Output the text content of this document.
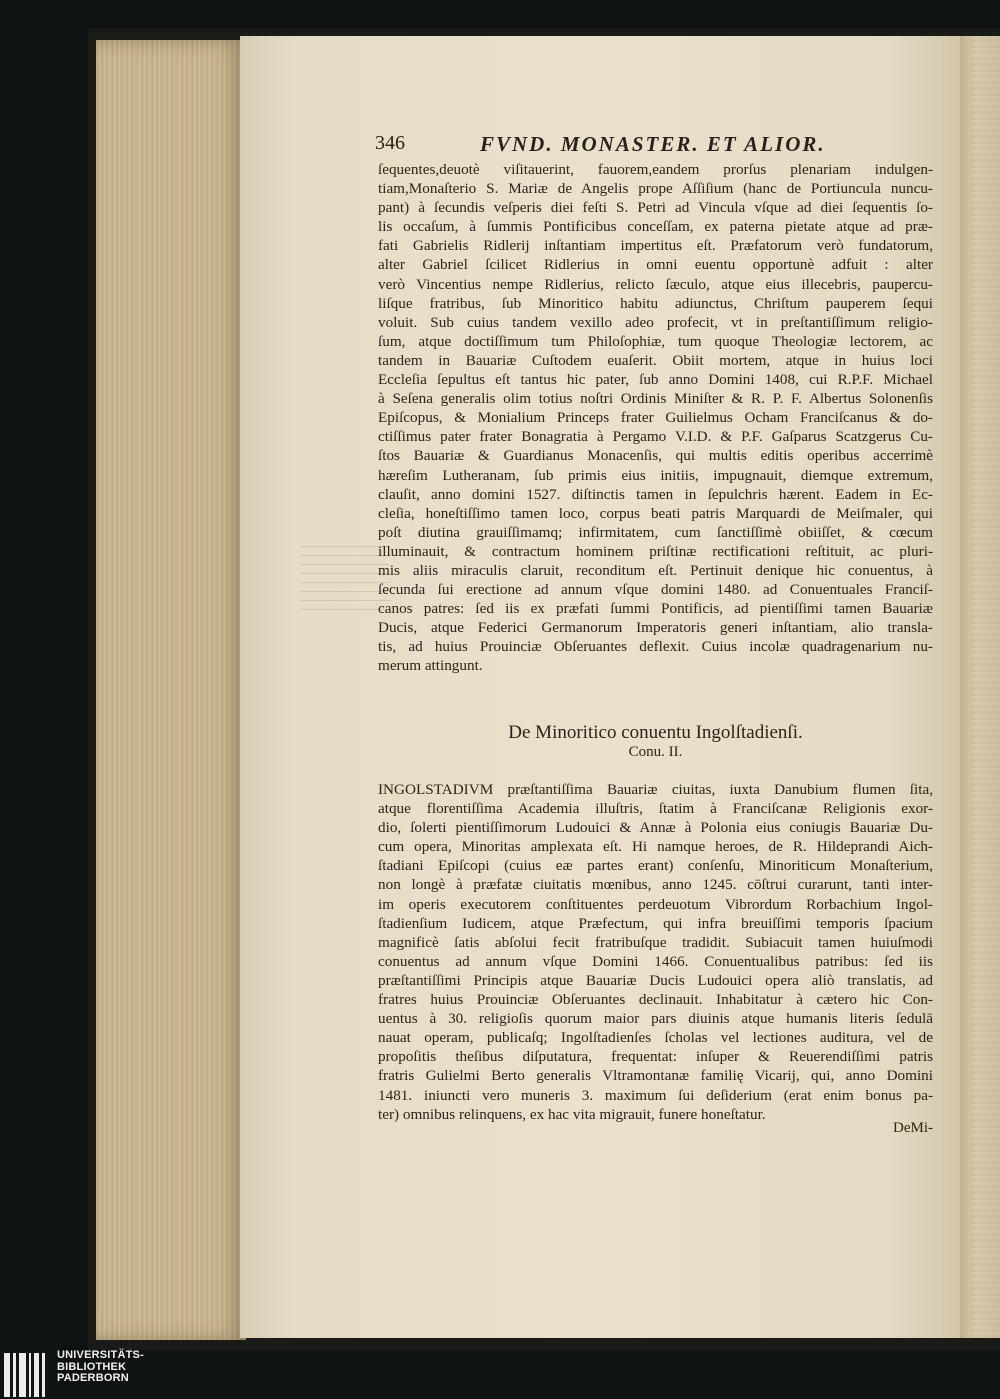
346	FVND. MONASTER. ET ALIOR.
ſequentes,deuotè viſitauerint, fauorem,eandem prorſus plenariam indulgen-
tiam,Monaſterio S. Mariæ de Angelis prope Aſſiſium (hanc de Portiuncula nuncu-
pant) à ſecundis veſperis diei feſti S. Petri ad Vincula vſque ad diei ſequentis ſo-
lis occaſum, à ſummis Pontificibus conceſſam, ex paterna pietate atque ad præ-
fati Gabrielis Ridlerij inſtantiam impertitus eſt. Præfatorum verò fundatorum,
alter Gabriel ſcilicet Ridlerius in omni euentu opportunè adfuit : alter
verò Vincentius nempe Ridlerius, relicto ſæculo, atque eius illecebris, paupercu-
liſque fratribus, ſub Minoritico habitu adiunctus, Chriſtum pauperem ſequi
voluit. Sub cuius tandem vexillo adeo profecit, vt in preſtantiſſimum religio-
ſum, atque doctiſſimum tum Philoſophiæ, tum quoque Theologiæ lectorem, ac
tandem in Bauariæ Cuſtodem euaſerit. Obiit mortem, atque in huius loci
Eccleſia ſepultus eſt tantus hic pater, ſub anno Domini 1408, cui R.P.F. Michael
à Seſena generalis olim totius noſtri Ordinis Miniſter & R. P. F. Albertus Solonenſis
Epiſcopus, & Monialium Princeps frater Guilielmus Ocham Franciſcanus & do-
ctiſſimus pater frater Bonagratia à Pergamo V.I.D. & P.F. Gaſparus Scatzgerus Cu-
ſtos Bauariæ & Guardianus Monacenſis, qui multis editis operibus accerrimè
hæreſim Lutheranam, ſub primis eius initiis, impugnauit, diemque extremum,
clauſit, anno domini 1527. diſtinctis tamen in ſepulchris hærent. Eadem in Ec-
cleſia, honeſtiſſimo tamen loco, corpus beati patris Marquardi de Meiſmaler, qui
poſt diutina grauiſſimamq; infirmitatem, cum ſanctiſſimè obiiſſet, & cœcum
illuminauit, & contractum hominem priſtinæ rectificationi reſtituit, ac pluri-
mis aliis miraculis claruit, reconditum eſt. Pertinuit denique hic conuentus, à
ſecunda ſui erectione ad annum vſque domini 1480. ad Conuentuales Franciſ-
canos patres: ſed iis ex præfati ſummi Pontificis, ad pientiſſimi tamen Bauariæ
Ducis, atque Federici Germanorum Imperatoris generi inſtantiam, alio transla-
tis, ad huius Prouinciæ Obſeruantes deflexit. Cuius incolæ quadragenarium nu-
merum attingunt.
De Minoritico conuentu Ingolſtadienſi.
Conu. II.
INGOLSTADIVM præſtantiſſima Bauariæ ciuitas, iuxta Danubium flumen ſita,
atque florentiſſima Academia illuſtris, ſtatim à Franciſcanæ Religionis exor-
dio, ſolerti pientiſſimorum Ludouici & Annæ à Polonia eius coniugis Bauariæ Du-
cum opera, Minoritas amplexata eſt. Hi namque heroes, de R. Hildeprandi Aich-
ſtadiani Epiſcopi (cuius eæ partes erant) conſenſu, Minoriticum Monaſterium,
non longè à præfatæ ciuitatis mœnibus, anno 1245. cōſtrui curarunt, tanti inter-
im operis executorem conſtituentes perdeuotum Vibrordum Rorbachium Ingol-
ſtadienſium Iudicem, atque Præfectum, qui infra breuiſſimi temporis ſpacium
magnificè ſatis abſolui fecit fratribuſque tradidit. Subiacuit tamen huiuſmodi
conuentus ad annum vſque Domini 1466. Conuentualibus patribus: ſed iis
præſtantiſſimi Principis atque Bauariæ Ducis Ludouici opera aliò translatis, ad
fratres huius Prouinciæ Obſeruantes declinauit. Inhabitatur à cætero hic Con-
uentus à 30. religioſis quorum maior pars diuinis atque humanis literis ſedulā
nauat operam, publicaſq; Ingolſtadienſes ſcholas vel lectiones auditura, vel de
propoſitis theſibus diſputatura, frequentat: inſuper & Reuerendiſſimi patris
fratris Gulielmi Berto generalis Vltramontanæ familię Vicarij, qui, anno Domini
1481. iniuncti vero muneris 3. maximum ſui deſiderium (erat enim bonus pa-
ter) omnibus relinquens, ex hac vita migrauit, funere honeſtatur.
DeMi-
UNIVERSITÄTS-
BIBLIOTHEK
PADERBORN
